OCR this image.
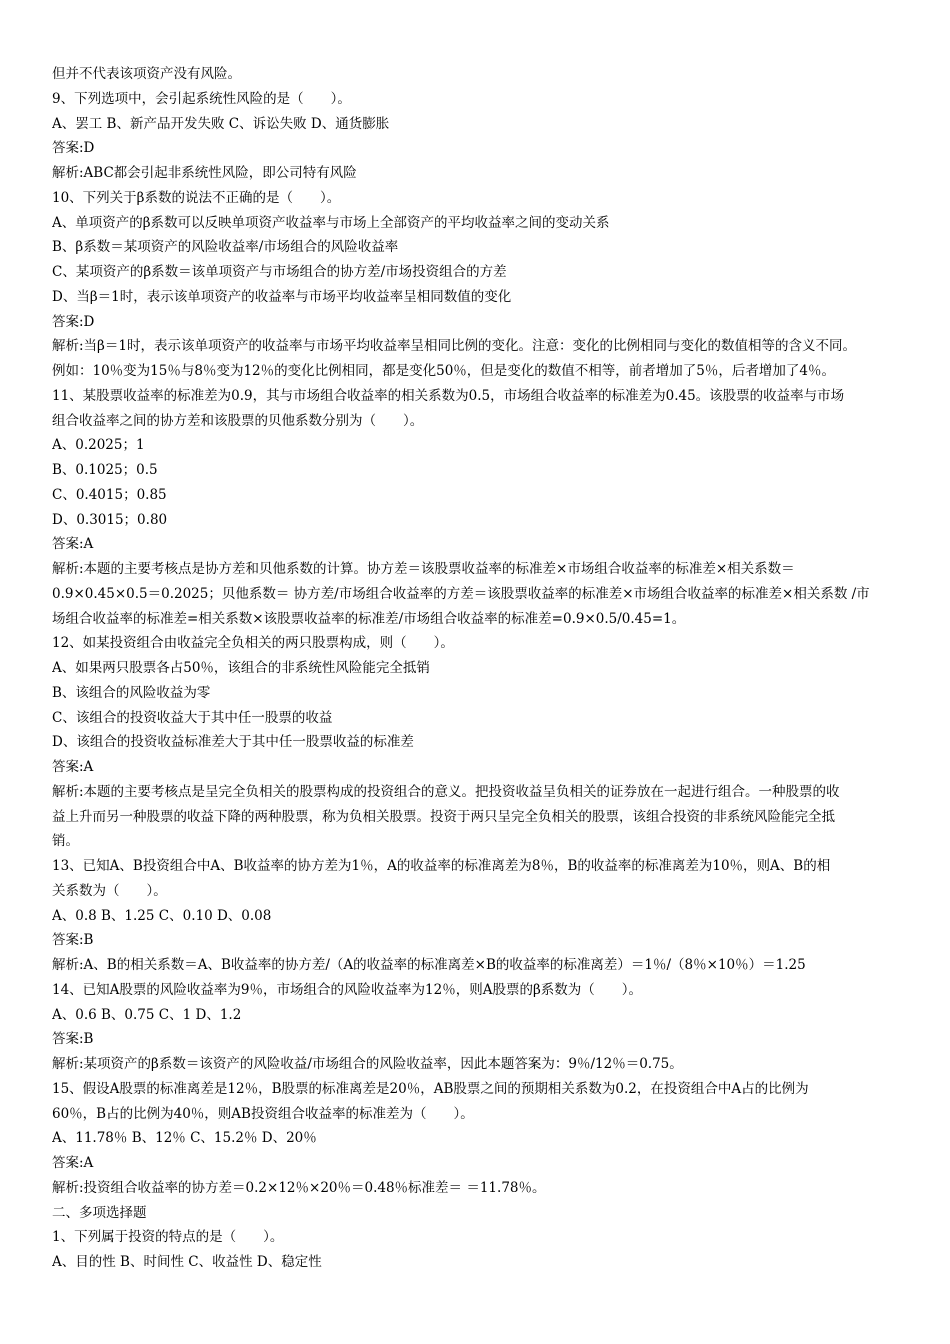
但并不代表该项资产没有风险。
9、下列选项中，会引起系统性风险的是（　　）。
A、罢工 B、新产品开发失败 C、诉讼失败 D、通货膨胀
答案:D
解析:ABC都会引起非系统性风险，即公司特有风险
10、下列关于β系数的说法不正确的是（　　）。
A、单项资产的β系数可以反映单项资产收益率与市场上全部资产的平均收益率之间的变动关系
B、β系数＝某项资产的风险收益率/市场组合的风险收益率
C、某项资产的β系数＝该单项资产与市场组合的协方差/市场投资组合的方差
D、当β＝1时，表示该单项资产的收益率与市场平均收益率呈相同数值的变化
答案:D
解析:当β＝1时，表示该单项资产的收益率与市场平均收益率呈相同比例的变化。注意：变化的比例相同与变化的数值相等的含义不同。
例如：10％变为15％与8％变为12％的变化比例相同，都是变化50％，但是变化的数值不相等，前者增加了5％，后者增加了4％。
11、某股票收益率的标准差为0.9，其与市场组合收益率的相关系数为0.5，市场组合收益率的标准差为0.45。该股票的收益率与市场
组合收益率之间的协方差和该股票的贝他系数分别为（　　）。
A、0.2025；1
B、0.1025；0.5
C、0.4015；0.85
D、0.3015；0.80
答案:A
解析:本题的主要考核点是协方差和贝他系数的计算。协方差＝该股票收益率的标准差×市场组合收益率的标准差×相关系数＝
0.9×0.45×0.5＝0.2025；贝他系数＝ 协方差/市场组合收益率的方差＝该股票收益率的标准差×市场组合收益率的标准差×相关系数 /市
场组合收益率的标准差=相关系数×该股票收益率的标准差/市场组合收益率的标准差=0.9×0.5/0.45=1。
12、如某投资组合由收益完全负相关的两只股票构成，则（　　）。
A、如果两只股票各占50％，该组合的非系统性风险能完全抵销
B、该组合的风险收益为零
C、该组合的投资收益大于其中任一股票的收益
D、该组合的投资收益标准差大于其中任一股票收益的标准差
答案:A
解析:本题的主要考核点是呈完全负相关的股票构成的投资组合的意义。把投资收益呈负相关的证券放在一起进行组合。一种股票的收
益上升而另一种股票的收益下降的两种股票，称为负相关股票。投资于两只呈完全负相关的股票，该组合投资的非系统风险能完全抵
销。
13、已知A、B投资组合中A、B收益率的协方差为1％，A的收益率的标准离差为8％，B的收益率的标准离差为10％，则A、B的相
关系数为（　　）。
A、0.8 B、1.25 C、0.10 D、0.08
答案:B
解析:A、B的相关系数＝A、B收益率的协方差/（A的收益率的标准离差×B的收益率的标准离差）＝1％/（8％×10％）＝1.25
14、已知A股票的风险收益率为9％，市场组合的风险收益率为12％，则A股票的β系数为（　　）。
A、0.6 B、0.75 C、1 D、1.2
答案:B
解析:某项资产的β系数＝该资产的风险收益/市场组合的风险收益率，因此本题答案为：9％/12％＝0.75。
15、假设A股票的标准离差是12％，B股票的标准离差是20％，AB股票之间的预期相关系数为0.2，在投资组合中A占的比例为
60％，B占的比例为40％，则AB投资组合收益率的标准差为（　　）。
A、11.78％ B、12％ C、15.2％ D、20％
答案:A
解析:投资组合收益率的协方差＝0.2×12％×20％＝0.48％标准差＝ ＝11.78％。
二、多项选择题
1、下列属于投资的特点的是（　　）。
A、目的性 B、时间性 C、收益性 D、稳定性
